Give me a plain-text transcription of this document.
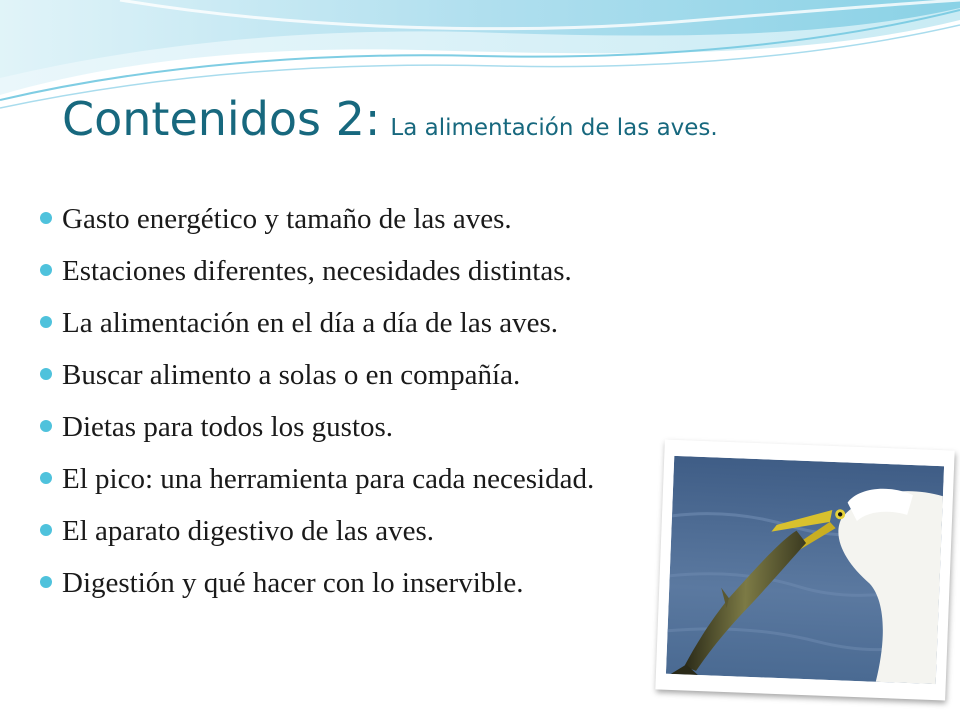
Contenidos 2: La alimentación de las aves.
Gasto energético y tamaño de las aves.
Estaciones diferentes, necesidades distintas.
La alimentación en el día a día de las aves.
Buscar alimento a solas o en compañía.
Dietas para todos los gustos.
El pico: una herramienta para cada necesidad.
El aparato digestivo de las aves.
Digestión y qué hacer con lo inservible.
